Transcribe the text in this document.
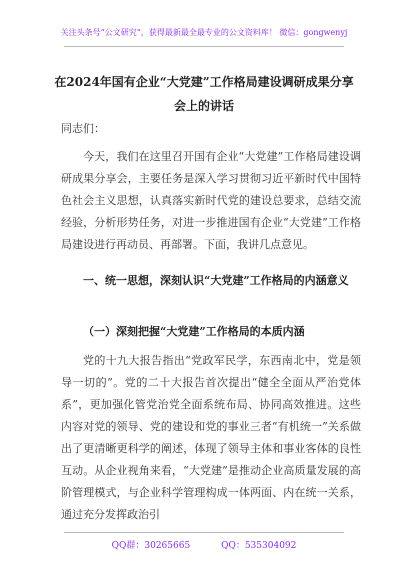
关注头条号“公文研究”，获得最新最全最专业的公文资料库！ 微信：gongwenyj
在2024年国有企业“大党建”工作格局建设调研成果分享会上的讲话

同志们：

今天，我们在这里召开国有企业“大党建”工作格局建设调研成果分享会，主要任务是深入学习贯彻习近平新时代中国特色社会主义思想，认真落实新时代党的建设总要求，总结交流经验，分析形势任务，对进一步推进国有企业“大党建”工作格局建设进行再动员、再部署。下面，我讲几点意见。

一、统一思想，深刻认识“大党建”工作格局的内涵意义
（一）深刻把握“大党建”工作格局的本质内涵

党的十九大报告指出“党政军民学，东西南北中，党是领导一切的”。党的二十大报告首次提出“健全全面从严治党体系”，更加强化管党治党全面系统布局、协同高效推进。这些内容对党的领导、党的建设和党的事业三者“有机统一”关系做出了更清晰更科学的阐述，体现了领导主体和事业客体的良性互动。从企业视角来看，“大党建”是推动企业高质量发展的高阶管理模式，与企业科学管理构成一体两面、内在统一关系，通过充分发挥政治引

QQ群：30265665	QQ：535304092
